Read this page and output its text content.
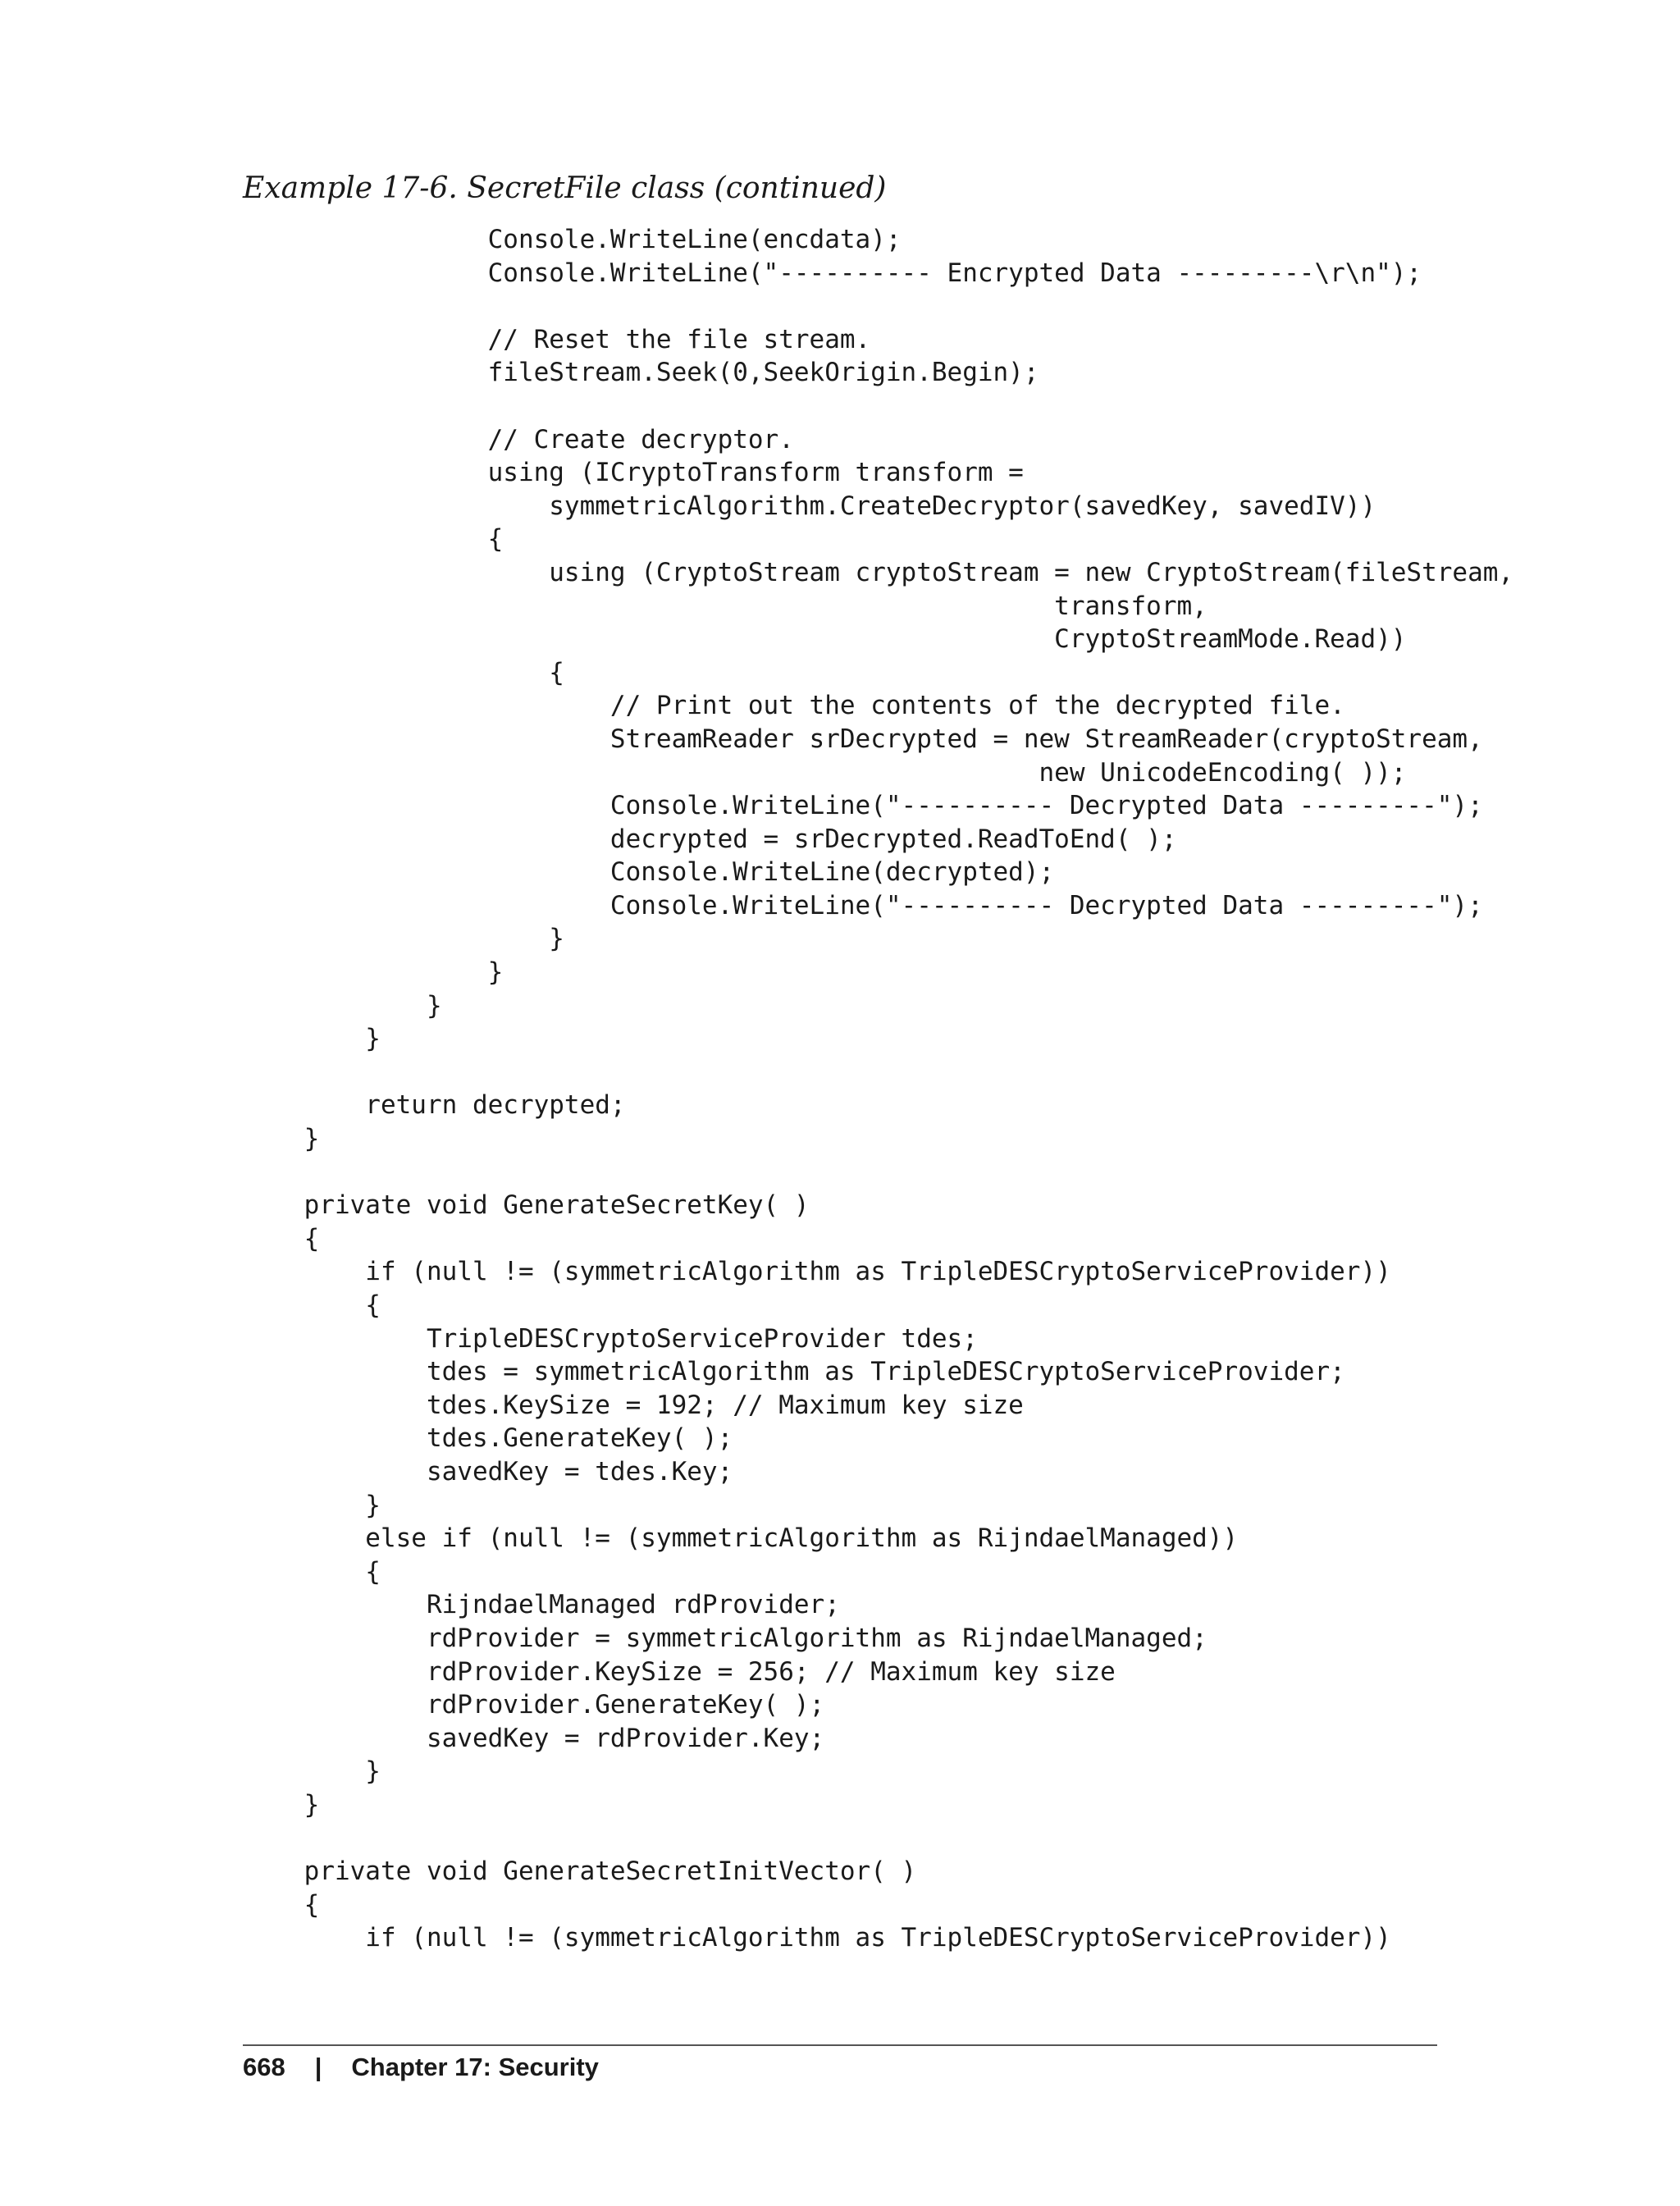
Example 17-6. SecretFile class (continued)

Console.WriteLine(encdata);
Console.WriteLine("---------- Encrypted Data ---------\r\n");
// Reset the file stream.
fileStream.Seek(0,SeekOrigin.Begin);
// Create decryptor.
using (ICryptoTransform transform =
symmetricAlgorithm.CreateDecryptor(savedKey, savedIV))
{
using (CryptoStream cryptoStream = new CryptoStream(fileStream,
transform,
CryptoStreamMode.Read))
{
// Print out the contents of the decrypted file.
StreamReader srDecrypted = new StreamReader(cryptoStream,
new UnicodeEncoding( ));
Console.WriteLine("---------- Decrypted Data ---------");
decrypted = srDecrypted.ReadToEnd( );
Console.WriteLine(decrypted);
Console.WriteLine("---------- Decrypted Data ---------");
}
}
}
}
return decrypted;
}
private void GenerateSecretKey( )
{
if (null != (symmetricAlgorithm as TripleDESCryptoServiceProvider))
{
TripleDESCryptoServiceProvider tdes;
tdes = symmetricAlgorithm as TripleDESCryptoServiceProvider;
tdes.KeySize = 192; // Maximum key size
tdes.GenerateKey( );
savedKey = tdes.Key;
}
else if (null != (symmetricAlgorithm as RijndaelManaged))
{
RijndaelManaged rdProvider;
rdProvider = symmetricAlgorithm as RijndaelManaged;
rdProvider.KeySize = 256; // Maximum key size
rdProvider.GenerateKey( );
savedKey = rdProvider.Key;
}
}
private void GenerateSecretInitVector( )
{
if (null != (symmetricAlgorithm as TripleDESCryptoServiceProvider))
668 | Chapter 17: Security
